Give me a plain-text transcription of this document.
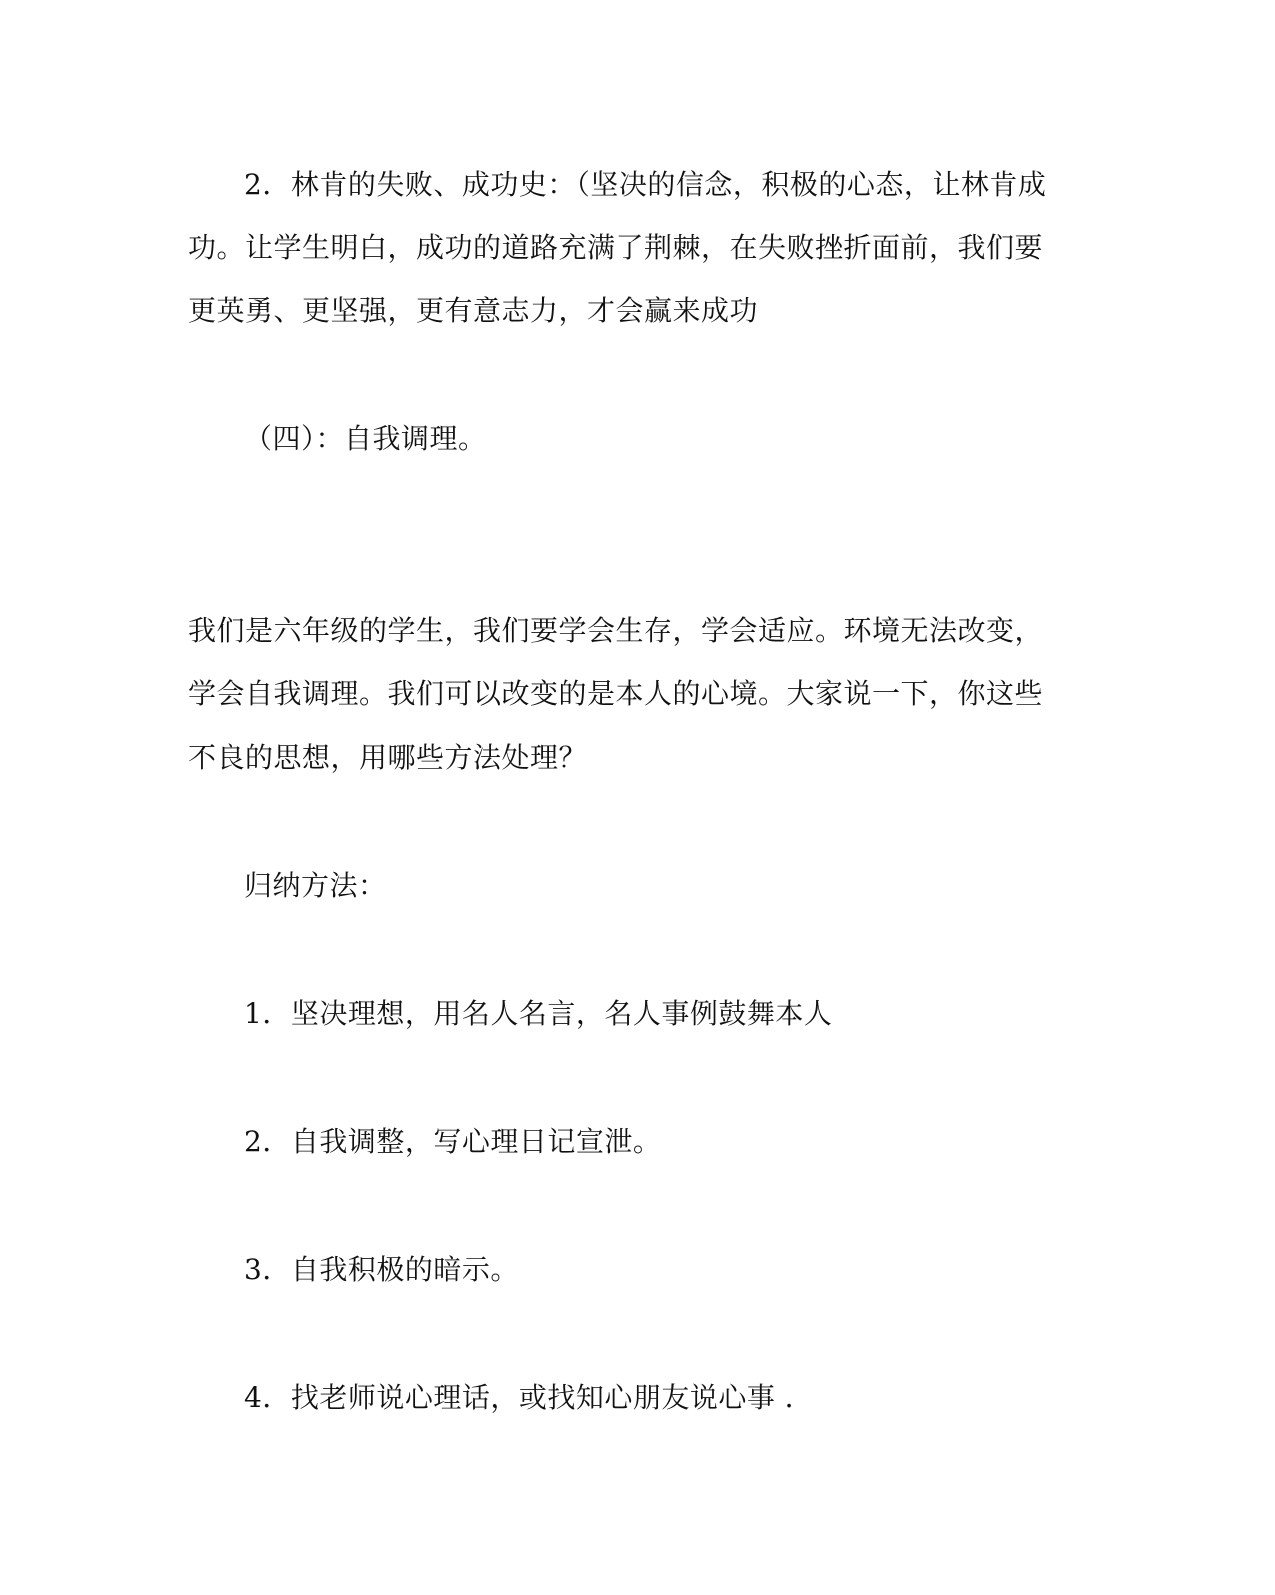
2．林肯的失败、成功史：（坚决的信念，积极的心态，让林肯成
功。让学生明白，成功的道路充满了荆棘，在失败挫折面前，我们要
更英勇、更坚强，更有意志力，才会赢来成功
（四）：自我调理。
我们是六年级的学生，我们要学会生存，学会适应。环境无法改变，
学会自我调理。我们可以改变的是本人的心境。大家说一下，你这些
不良的思想，用哪些方法处理？
归纳方法：
1．坚决理想，用名人名言，名人事例鼓舞本人
2．自我调整，写心理日记宣泄。
3．自我积极的暗示。
4．找老师说心理话，或找知心朋友说心事 ．
